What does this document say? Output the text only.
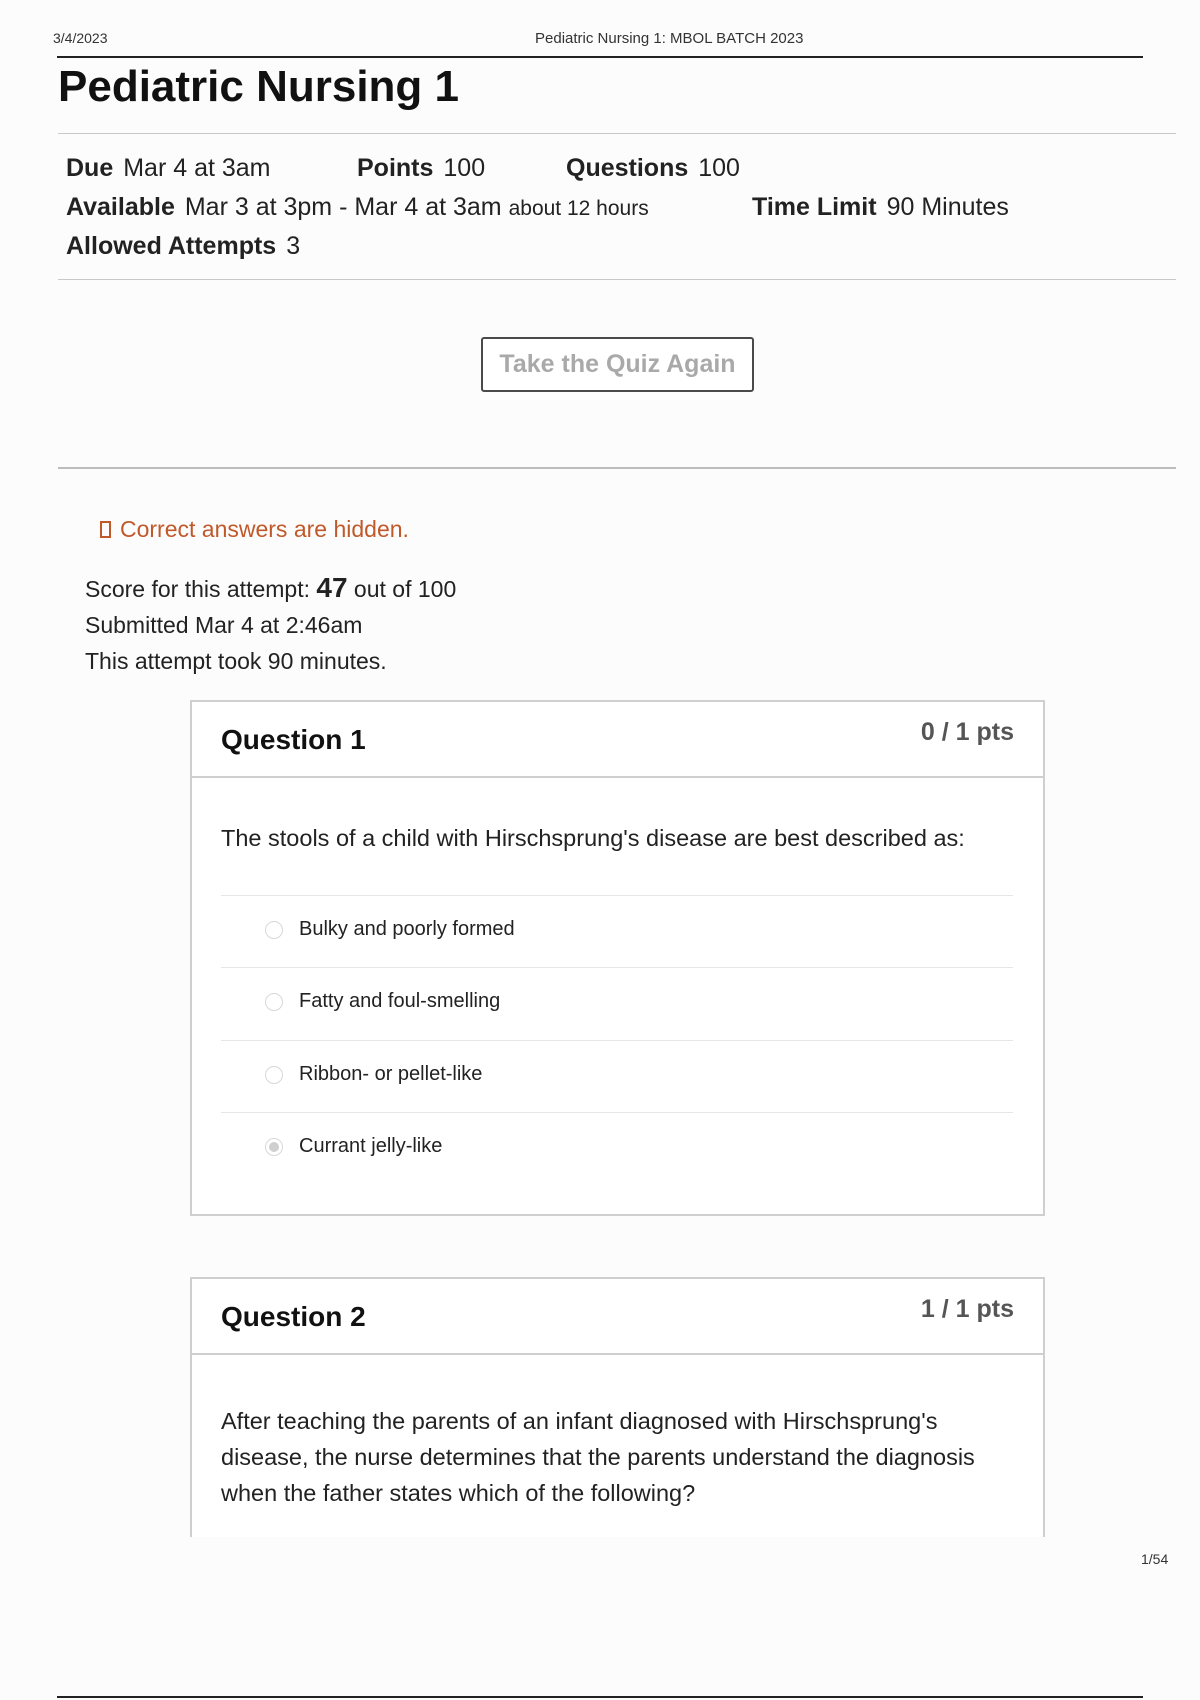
3/4/2023	Pediatric Nursing 1: MBOL BATCH 2023
Pediatric Nursing 1
Due Mar 4 at 3am	Points 100	Questions 100
Available Mar 3 at 3pm - Mar 4 at 3am about 12 hours	Time Limit 90 Minutes
Allowed Attempts 3
Take the Quiz Again
Correct answers are hidden.
Score for this attempt: 47 out of 100
Submitted Mar 4 at 2:46am
This attempt took 90 minutes.
Question 1	0 / 1 pts
The stools of a child with Hirschsprung's disease are best described as:
Bulky and poorly formed
Fatty and foul-smelling
Ribbon- or pellet-like
Currant jelly-like
Question 2	1 / 1 pts
After teaching the parents of an infant diagnosed with Hirschsprung's
disease, the nurse determines that the parents understand the diagnosis
when the father states which of the following?
1/54
